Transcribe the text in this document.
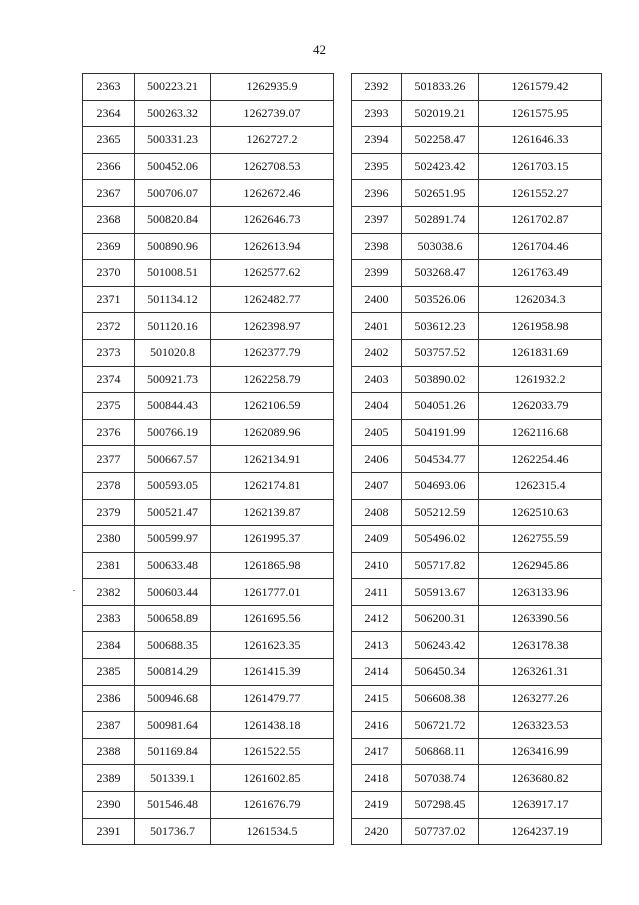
42
2363	500223.21	1262935.9
2364	500263.32	1262739.07
2365	500331.23	1262727.2
2366	500452.06	1262708.53
2367	500706.07	1262672.46
2368	500820.84	1262646.73
2369	500890.96	1262613.94
2370	501008.51	1262577.62
2371	501134.12	1262482.77
2372	501120.16	1262398.97
2373	501020.8	1262377.79
2374	500921.73	1262258.79
2375	500844.43	1262106.59
2376	500766.19	1262089.96
2377	500667.57	1262134.91
2378	500593.05	1262174.81
2379	500521.47	1262139.87
2380	500599.97	1261995.37
2381	500633.48	1261865.98
2382	500603.44	1261777.01
2383	500658.89	1261695.56
2384	500688.35	1261623.35
2385	500814.29	1261415.39
2386	500946.68	1261479.77
2387	500981.64	1261438.18
2388	501169.84	1261522.55
2389	501339.1	1261602.85
2390	501546.48	1261676.79
2391	501736.7	1261534.5
2392	501833.26	1261579.42
2393	502019.21	1261575.95
2394	502258.47	1261646.33
2395	502423.42	1261703.15
2396	502651.95	1261552.27
2397	502891.74	1261702.87
2398	503038.6	1261704.46
2399	503268.47	1261763.49
2400	503526.06	1262034.3
2401	503612.23	1261958.98
2402	503757.52	1261831.69
2403	503890.02	1261932.2
2404	504051.26	1262033.79
2405	504191.99	1262116.68
2406	504534.77	1262254.46
2407	504693.06	1262315.4
2408	505212.59	1262510.63
2409	505496.02	1262755.59
2410	505717.82	1262945.86
2411	505913.67	1263133.96
2412	506200.31	1263390.56
2413	506243.42	1263178.38
2414	506450.34	1263261.31
2415	506608.38	1263277.26
2416	506721.72	1263323.53
2417	506868.11	1263416.99
2418	507038.74	1263680.82
2419	507298.45	1263917.17
2420	507737.02	1264237.19
